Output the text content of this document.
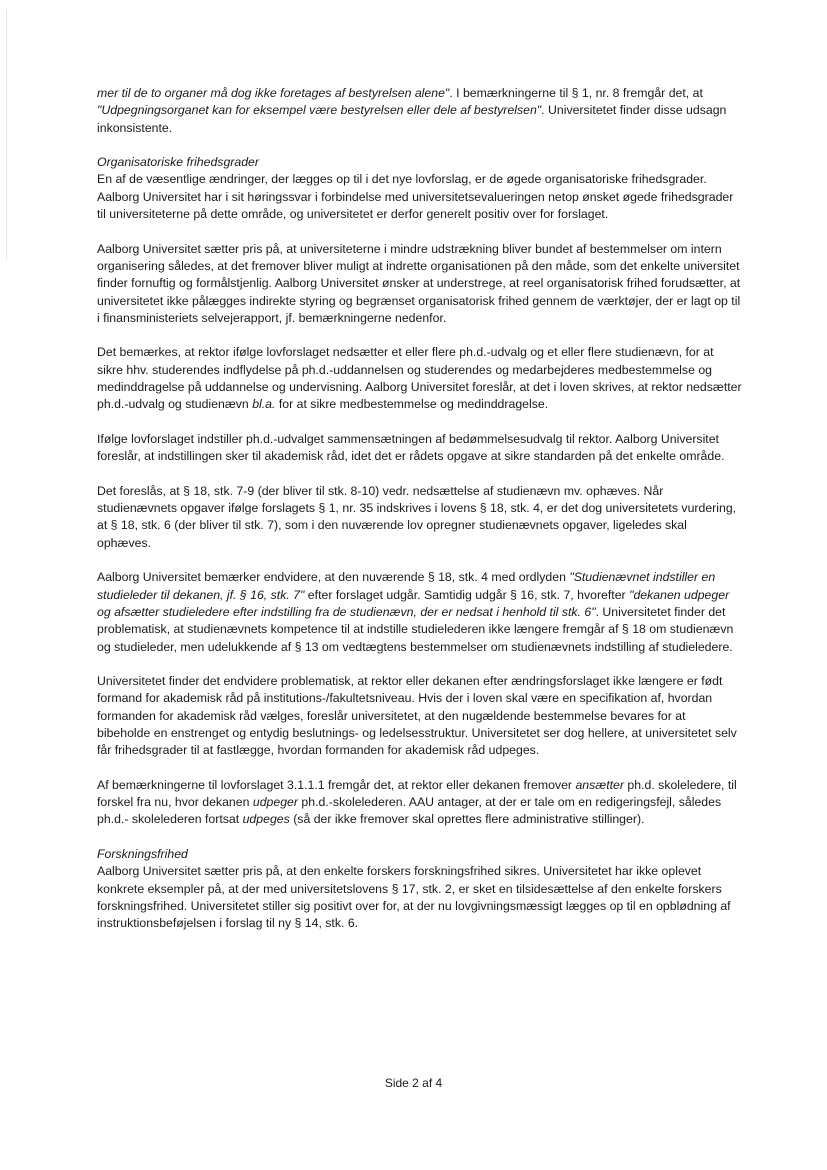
mer til de to organer må dog ikke foretages af bestyrelsen alene". I bemærkningerne til § 1, nr. 8 fremgår det, at "Udpegningsorganet kan for eksempel være bestyrelsen eller dele af bestyrelsen". Universitetet finder disse udsagn inkonsistente.

Organisatoriske frihedsgrader
En af de væsentlige ændringer, der lægges op til i det nye lovforslag, er de øgede organisatoriske frihedsgrader. Aalborg Universitet har i sit høringssvar i forbindelse med universitetsevalueringen netop ønsket øgede frihedsgrader til universiteterne på dette område, og universitetet er derfor generelt positiv over for forslaget.

Aalborg Universitet sætter pris på, at universiteterne i mindre udstrækning bliver bundet af bestemmelser om intern organisering således, at det fremover bliver muligt at indrette organisationen på den måde, som det enkelte universitet finder fornuftig og formålstjenlig. Aalborg Universitet ønsker at understrege, at reel organisatorisk frihed forudsætter, at universitetet ikke pålægges indirekte styring og begrænset organisatorisk frihed gennem de værktøjer, der er lagt op til i finansministeriets selvejerapport, jf. bemærkningerne nedenfor.

Det bemærkes, at rektor ifølge lovforslaget nedsætter et eller flere ph.d.-udvalg og et eller flere studienævn, for at sikre hhv. studerendes indflydelse på ph.d.-uddannelsen og studerendes og medarbejderes medbestemmelse og medinddragelse på uddannelse og undervisning. Aalborg Universitet foreslår, at det i loven skrives, at rektor nedsætter ph.d.-udvalg og studienævn bl.a. for at sikre medbestemmelse og medinddragelse.

Ifølge lovforslaget indstiller ph.d.-udvalget sammensætningen af bedømmelsesudvalg til rektor. Aalborg Universitet foreslår, at indstillingen sker til akademisk råd, idet det er rådets opgave at sikre standarden på det enkelte område.

Det foreslås, at § 18, stk. 7-9 (der bliver til stk. 8-10) vedr. nedsættelse af studienævn mv. ophæves. Når studienævnets opgaver ifølge forslagets § 1, nr. 35 indskrives i lovens § 18, stk. 4, er det dog universitetets vurdering, at § 18, stk. 6 (der bliver til stk. 7), som i den nuværende lov opregner studienævnets opgaver, ligeledes skal ophæves.

Aalborg Universitet bemærker endvidere, at den nuværende § 18, stk. 4 med ordlyden "Studienævnet indstiller en studieleder til dekanen, jf. § 16, stk. 7" efter forslaget udgår. Samtidig udgår § 16, stk. 7, hvorefter "dekanen udpeger og afsætter studieledere efter indstilling fra de studienævn, der er nedsat i henhold til stk. 6". Universitetet finder det problematisk, at studienævnets kompetence til at indstille studielederen ikke længere fremgår af § 18 om studienævn og studieleder, men udelukkende af § 13 om vedtægtens bestemmelser om studienævnets indstilling af studieledere.

Universitetet finder det endvidere problematisk, at rektor eller dekanen efter ændringsforslaget ikke længere er født formand for akademisk råd på institutions-/fakultetsniveau. Hvis der i loven skal være en specifikation af, hvordan formanden for akademisk råd vælges, foreslår universitetet, at den nugældende bestemmelse bevares for at bibeholde en enstrenget og entydig beslutnings- og ledelsesstruktur. Universitetet ser dog hellere, at universitetet selv får frihedsgrader til at fastlægge, hvordan formanden for akademisk råd udpeges.

Af bemærkningerne til lovforslaget 3.1.1.1 fremgår det, at rektor eller dekanen fremover ansætter ph.d. skoleledere, til forskel fra nu, hvor dekanen udpeger ph.d.-skolelederen. AAU antager, at der er tale om en redigeringsfejl, således ph.d.- skolelederen fortsat udpeges (så der ikke fremover skal oprettes flere administrative stillinger).

Forskningsfrihed
Aalborg Universitet sætter pris på, at den enkelte forskers forskningsfrihed sikres. Universitetet har ikke oplevet konkrete eksempler på, at der med universitetslovens § 17, stk. 2, er sket en tilsidesættelse af den enkelte forskers forskningsfrihed. Universitetet stiller sig positivt over for, at der nu lovgivningsmæssigt lægges op til en opblødning af instruktionsbeføjelsen i forslag til ny § 14, stk. 6.

Side 2 af 4
